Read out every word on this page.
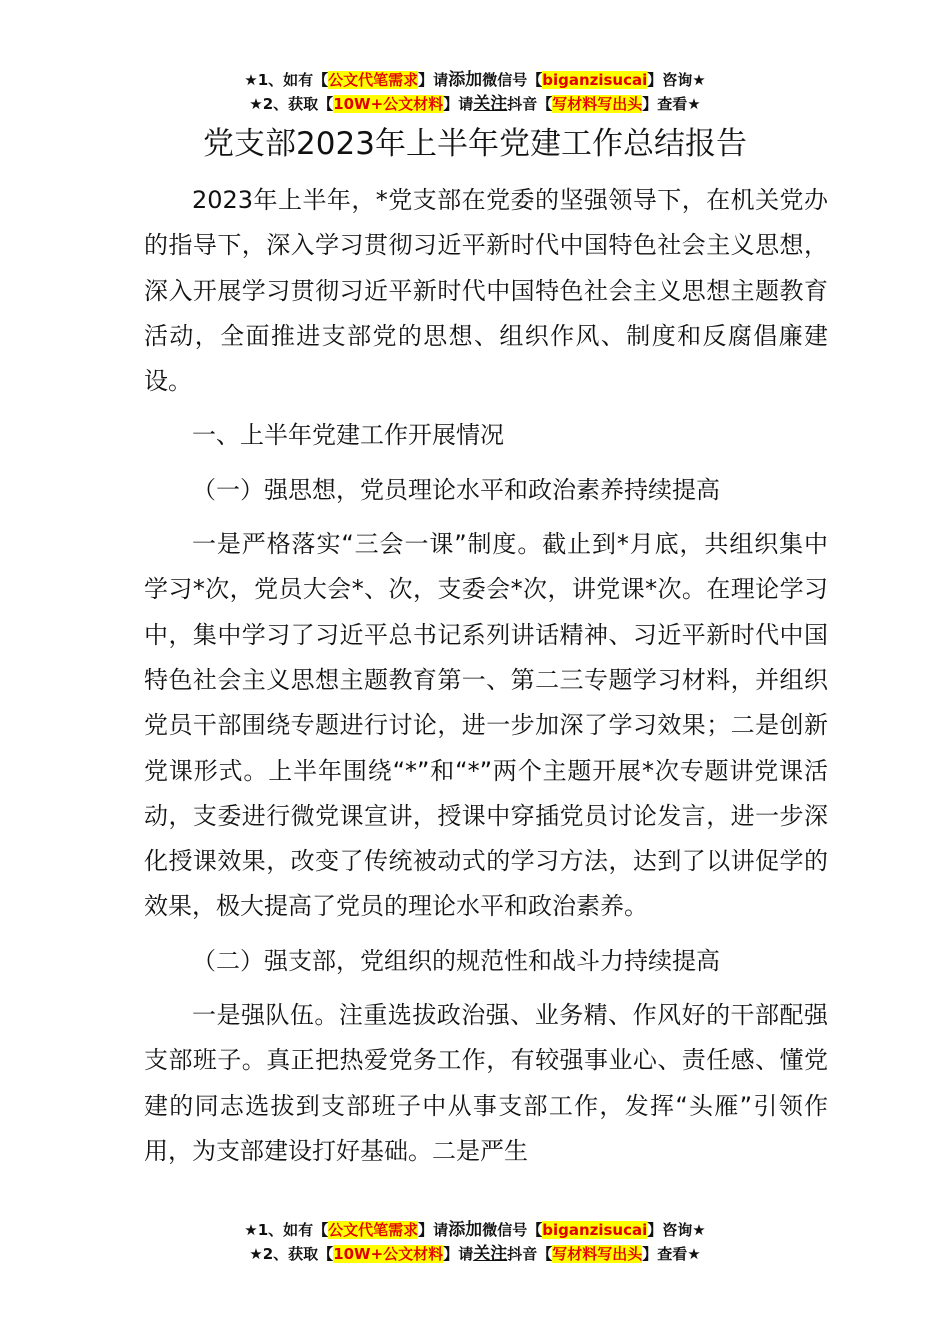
★1、如有【公文代笔需求】请添加微信号【biganzisucai】咨询★
★2、获取【10W+公文材料】请关注抖音【写材料写出头】查看★
党支部2023年上半年党建工作总结报告

2023年上半年，*党支部在党委的坚强领导下，在机关党办的指导下，深入学习贯彻习近平新时代中国特色社会主义思想，深入开展学习贯彻习近平新时代中国特色社会主义思想主题教育活动，全面推进支部党的思想、组织作风、制度和反腐倡廉建设。

一、上半年党建工作开展情况

（一）强思想，党员理论水平和政治素养持续提高

一是严格落实“三会一课”制度。截止到*月底，共组织集中学习*次，党员大会*、次，支委会*次，讲党课*次。在理论学习中，集中学习了习近平总书记系列讲话精神、习近平新时代中国特色社会主义思想主题教育第一、第二三专题学习材料，并组织党员干部围绕专题进行讨论，进一步加深了学习效果；二是创新党课形式。上半年围绕“*”和“*”两个主题开展*次专题讲党课活动，支委进行微党课宣讲，授课中穿插党员讨论发言，进一步深化授课效果，改变了传统被动式的学习方法，达到了以讲促学的效果，极大提高了党员的理论水平和政治素养。

（二）强支部，党组织的规范性和战斗力持续提高

一是强队伍。注重选拔政治强、业务精、作风好的干部配强支部班子。真正把热爱党务工作，有较强事业心、责任感、懂党建的同志选拔到支部班子中从事支部工作，发挥“头雁”引领作用，为支部建设打好基础。二是严生

★1、如有【公文代笔需求】请添加微信号【biganzisucai】咨询★
★2、获取【10W+公文材料】请关注抖音【写材料写出头】查看★
